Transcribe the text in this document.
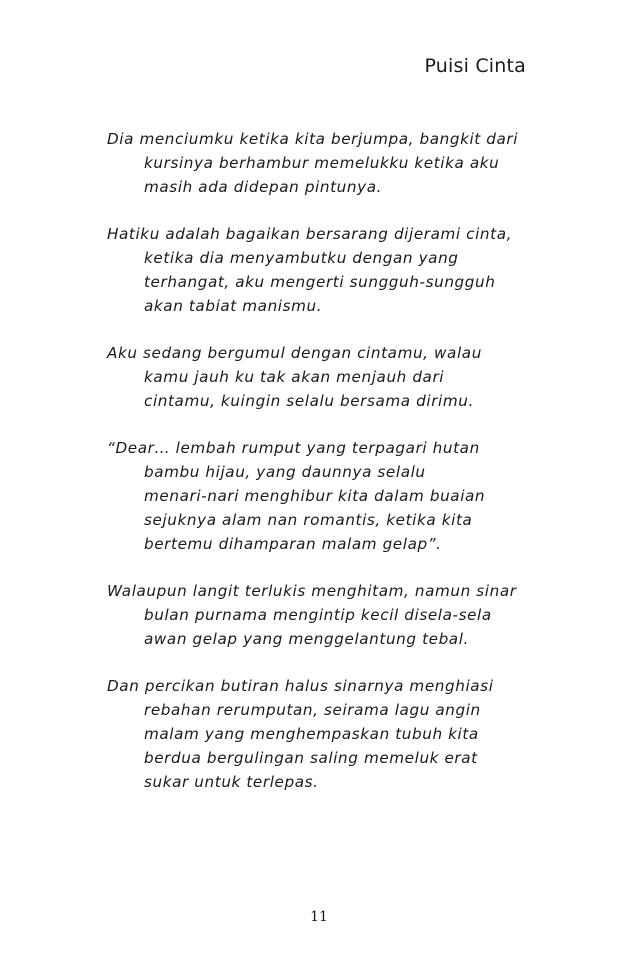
Puisi Cinta

Dia menciumku ketika kita berjumpa, bangkit dari
kursinya berhambur memelukku ketika aku
masih ada didepan pintunya.

Hatiku adalah bagaikan bersarang dijerami cinta,
ketika dia menyambutku dengan yang
terhangat, aku mengerti sungguh-sungguh
akan tabiat manismu.

Aku sedang bergumul dengan cintamu, walau
kamu jauh ku tak akan menjauh dari
cintamu, kuingin selalu bersama dirimu.

“Dear… lembah rumput yang terpagari hutan
bambu hijau, yang daunnya selalu
menari-nari menghibur kita dalam buaian
sejuknya alam nan romantis, ketika kita
bertemu dihamparan malam gelap”.

Walaupun langit terlukis menghitam, namun sinar
bulan purnama mengintip kecil disela-sela
awan gelap yang menggelantung tebal.

Dan percikan butiran halus sinarnya menghiasi
rebahan rerumputan, seirama lagu angin
malam yang menghempaskan tubuh kita
berdua bergulingan saling memeluk erat
sukar untuk terlepas.

11
